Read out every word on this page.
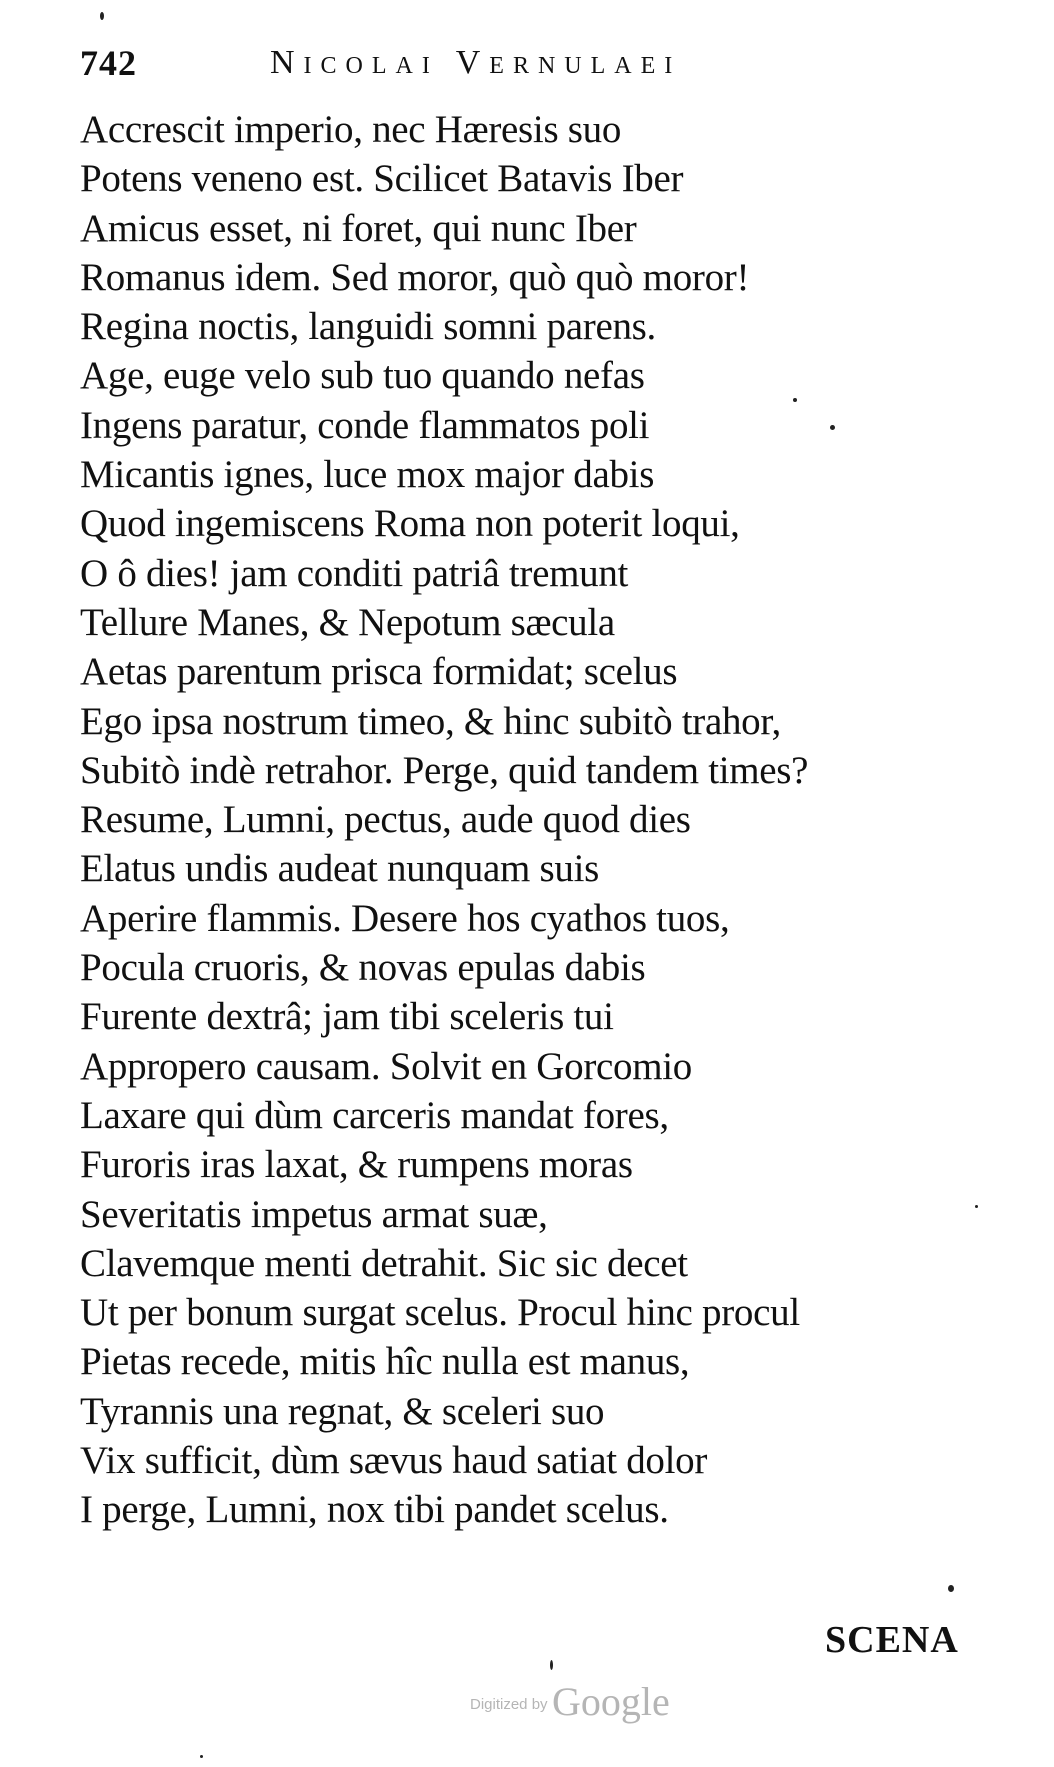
742	Nicolai Vernulaei
Accrescit imperio, nec Hæresis suo
Potens veneno est. Scilicet Batavis Iber
Amicus esset, ni foret, qui nunc Iber
Romanus idem. Sed moror, quò quò moror!
Regina noctis, languidi somni parens.
Age, euge velo sub tuo quando nefas
Ingens paratur, conde flammatos poli
Micantis ignes, luce mox major dabis
Quod ingemiscens Roma non poterit loqui,
O ô dies! jam conditi patriâ tremunt
Tellure Manes, & Nepotum sæcula
Aetas parentum prisca formidat; scelus
Ego ipsa nostrum timeo, & hinc subitò trahor,
Subitò indè retrahor. Perge, quid tandem times?
Resume, Lumni, pectus, aude quod dies
Elatus undis audeat nunquam suis
Aperire flammis. Desere hos cyathos tuos,
Pocula cruoris, & novas epulas dabis
Furente dextrâ; jam tibi sceleris tui
Appropero causam. Solvit en Gorcomio
Laxare qui dùm carceris mandat fores,
Furoris iras laxat, & rumpens moras
Severitatis impetus armat suæ,
Clavemque menti detrahit. Sic sic decet
Ut per bonum surgat scelus. Procul hinc procul
Pietas recede, mitis hîc nulla est manus,
Tyrannis una regnat, & sceleri suo
Vix sufficit, dùm sævus haud satiat dolor
I perge, Lumni, nox tibi pandet scelus.
SCENA
Digitized by Google
